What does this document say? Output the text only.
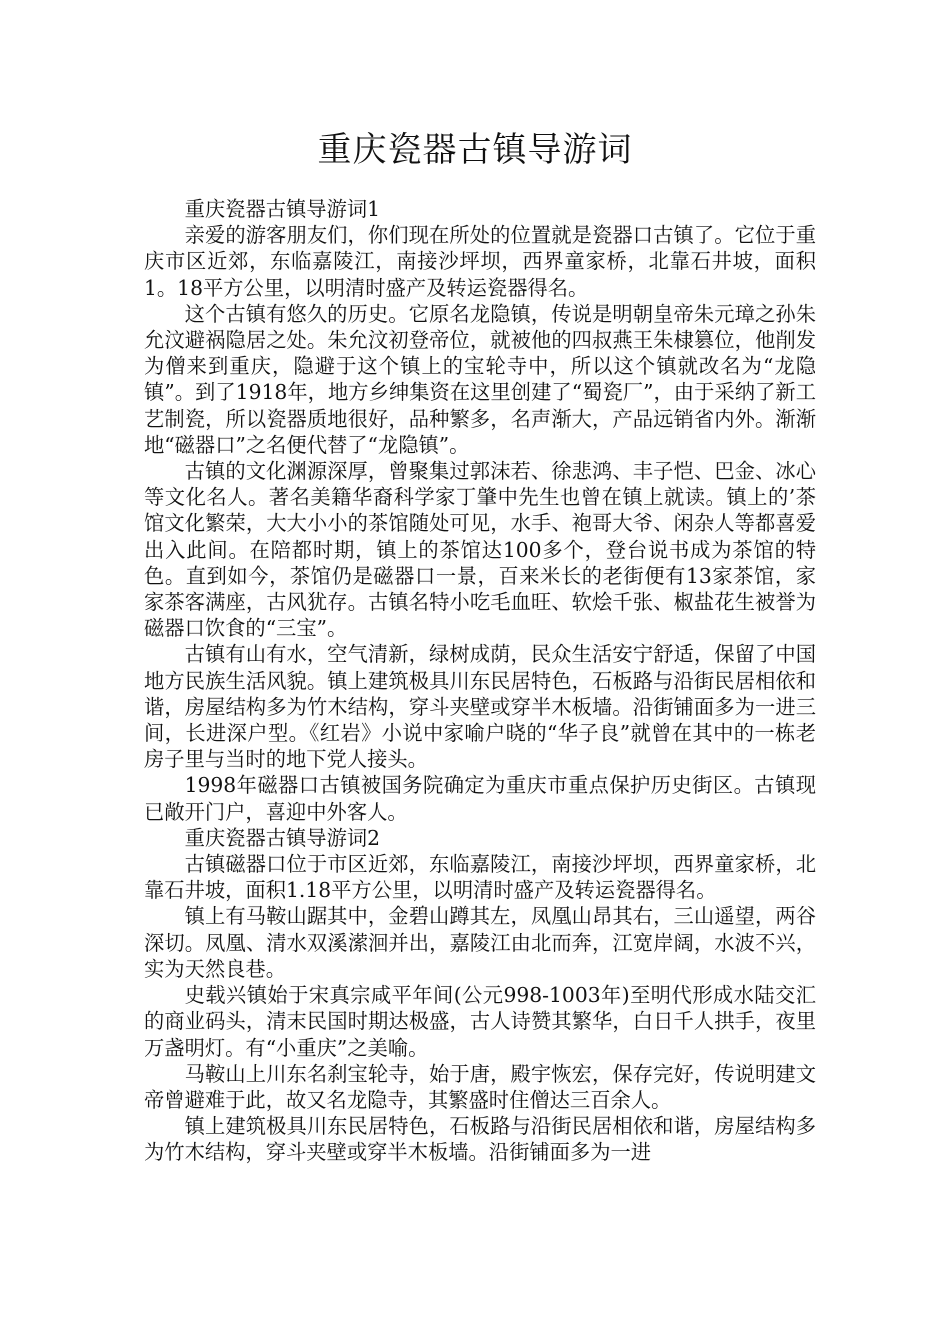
重庆瓷器古镇导游词

重庆瓷器古镇导游词1

亲爱的游客朋友们，你们现在所处的位置就是瓷器口古镇了。它位于重庆市区近郊，东临嘉陵江，南接沙坪坝，西界童家桥，北靠石井坡，面积1。18平方公里，以明清时盛产及转运瓷器得名。

这个古镇有悠久的历史。它原名龙隐镇，传说是明朝皇帝朱元璋之孙朱允汶避祸隐居之处。朱允汶初登帝位，就被他的四叔燕王朱棣篡位，他削发为僧来到重庆，隐避于这个镇上的宝轮寺中，所以这个镇就改名为“龙隐镇”。到了1918年，地方乡绅集资在这里创建了“蜀瓷厂”，由于采纳了新工艺制瓷，所以瓷器质地很好，品种繁多，名声渐大，产品远销省内外。渐渐地“磁器口”之名便代替了“龙隐镇”。

古镇的文化渊源深厚，曾聚集过郭沫若、徐悲鸿、丰子恺、巴金、冰心等文化名人。著名美籍华裔科学家丁肇中先生也曾在镇上就读。镇上的’茶馆文化繁荣，大大小小的茶馆随处可见，水手、袍哥大爷、闲杂人等都喜爱出入此间。在陪都时期，镇上的茶馆达100多个，登台说书成为茶馆的特色。直到如今，茶馆仍是磁器口一景，百来米长的老街便有13家茶馆，家家茶客满座，古风犹存。古镇名特小吃毛血旺、软烩千张、椒盐花生被誉为磁器口饮食的“三宝”。

古镇有山有水，空气清新，绿树成荫，民众生活安宁舒适，保留了中国地方民族生活风貌。镇上建筑极具川东民居特色，石板路与沿街民居相依和谐，房屋结构多为竹木结构，穿斗夹壁或穿半木板墙。沿街铺面多为一进三间，长进深户型。《红岩》小说中家喻户晓的“华子良”就曾在其中的一栋老房子里与当时的地下党人接头。

1998年磁器口古镇被国务院确定为重庆市重点保护历史街区。古镇现已敞开门户，喜迎中外客人。

重庆瓷器古镇导游词2

古镇磁器口位于市区近郊，东临嘉陵江，南接沙坪坝，西界童家桥，北靠石井坡，面积1.18平方公里，以明清时盛产及转运瓷器得名。

镇上有马鞍山踞其中，金碧山蹲其左，凤凰山昂其右，三山遥望，两谷深切。凤凰、清水双溪潆洄并出，嘉陵江由北而奔，江宽岸阔，水波不兴，实为天然良巷。

史载兴镇始于宋真宗咸平年间(公元998-1003年)至明代形成水陆交汇的商业码头，清末民国时期达极盛，古人诗赞其繁华，白日千人拱手，夜里万盏明灯。有“小重庆”之美喻。

马鞍山上川东名刹宝轮寺，始于唐，殿宇恢宏，保存完好，传说明建文帝曾避难于此，故又名龙隐寺，其繁盛时住僧达三百余人。

镇上建筑极具川东民居特色，石板路与沿街民居相依和谐，房屋结构多为竹木结构，穿斗夹壁或穿半木板墙。沿街铺面多为一进
